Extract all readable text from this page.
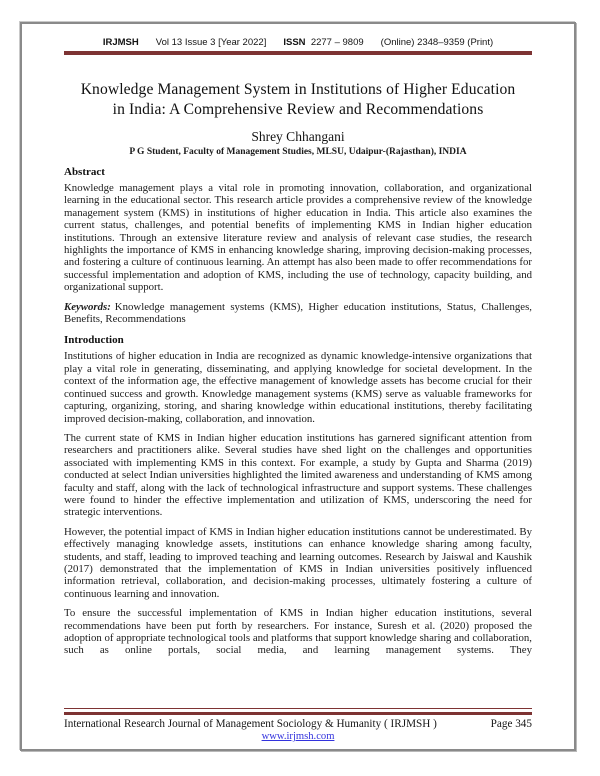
IRJMSH Vol 13 Issue 3 [Year 2022] ISSN 2277 – 9809 (Online) 2348–9359 (Print)
Knowledge Management System in Institutions of Higher Education
in India: A Comprehensive Review and Recommendations
Shrey Chhangani
P G Student, Faculty of Management Studies, MLSU, Udaipur-(Rajasthan), INDIA
Abstract

Knowledge management plays a vital role in promoting innovation, collaboration, and organizational learning in the educational sector. This research article provides a comprehensive review of the knowledge management system (KMS) in institutions of higher education in India. This article also examines the current status, challenges, and potential benefits of implementing KMS in Indian higher education institutions. Through an extensive literature review and analysis of relevant case studies, the research highlights the importance of KMS in enhancing knowledge sharing, improving decision-making processes, and fostering a culture of continuous learning. An attempt has also been made to offer recommendations for successful implementation and adoption of KMS, including the use of technology, capacity building, and organizational support.

Keywords: Knowledge management systems (KMS), Higher education institutions, Status, Challenges, Benefits, Recommendations

Introduction

Institutions of higher education in India are recognized as dynamic knowledge-intensive organizations that play a vital role in generating, disseminating, and applying knowledge for societal development. In the context of the information age, the effective management of knowledge assets has become crucial for their continued success and growth. Knowledge management systems (KMS) serve as valuable frameworks for capturing, organizing, storing, and sharing knowledge within educational institutions, thereby facilitating improved decision-making, collaboration, and innovation.

The current state of KMS in Indian higher education institutions has garnered significant attention from researchers and practitioners alike. Several studies have shed light on the challenges and opportunities associated with implementing KMS in this context. For example, a study by Gupta and Sharma (2019) conducted at select Indian universities highlighted the limited awareness and understanding of KMS among faculty and staff, along with the lack of technological infrastructure and support systems. These challenges were found to hinder the effective implementation and utilization of KMS, underscoring the need for strategic interventions.

However, the potential impact of KMS in Indian higher education institutions cannot be underestimated. By effectively managing knowledge assets, institutions can enhance knowledge sharing among faculty, students, and staff, leading to improved teaching and learning outcomes. Research by Jaiswal and Kaushik (2017) demonstrated that the implementation of KMS in Indian universities positively influenced information retrieval, collaboration, and decision-making processes, ultimately fostering a culture of continuous learning and innovation.

To ensure the successful implementation of KMS in Indian higher education institutions, several recommendations have been put forth by researchers. For instance, Suresh et al. (2020) proposed the adoption of appropriate technological tools and platforms that support knowledge sharing and collaboration, such as online portals, social media, and learning management systems. They

International Research Journal of Management Sociology & Humanity ( IRJMSH )	Page 345
www.irjmsh.com
